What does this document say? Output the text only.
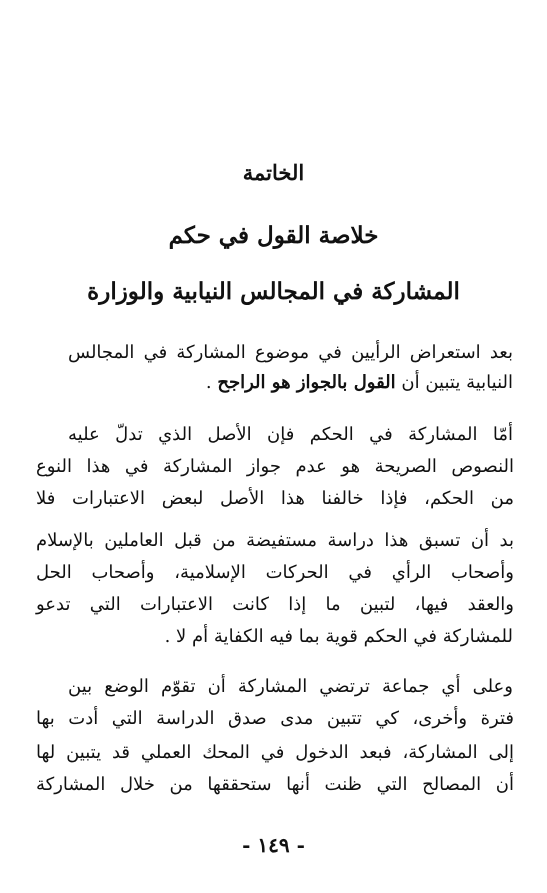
الخاتمة
خلاصة القول في حكم
المشاركة في المجالس النيابية والوزارة
بعد استعراض الرأيين في موضوع المشاركة في المجالس
النيابية يتبين أن القول بالجواز هو الراجح .
أمّا المشاركة في الحكم فإن الأصل الذي تدلّ عليه
النصوص الصريحة هو عدم جواز المشاركة في هذا النوع
من الحكم، فإذا خالفنا هذا الأصل لبعض الاعتبارات فلا
بد أن تسبق هذا دراسة مستفيضة من قبل العاملين بالإسلام
وأصحاب الرأي في الحركات الإسلامية، وأصحاب الحل
والعقد فيها، لتبين ما إذا كانت الاعتبارات التي تدعو
للمشاركة في الحكم قوية بما فيه الكفاية أم لا .
وعلى أي جماعة ترتضي المشاركة أن تقوّم الوضع بين
فترة وأخرى، كي تتبين مدى صدق الدراسة التي أدت بها
إلى المشاركة، فبعد الدخول في المحك العملي قد يتبين لها
أن المصالح التي ظنت أنها ستحققها من خلال المشاركة
- ١٤٩ -
